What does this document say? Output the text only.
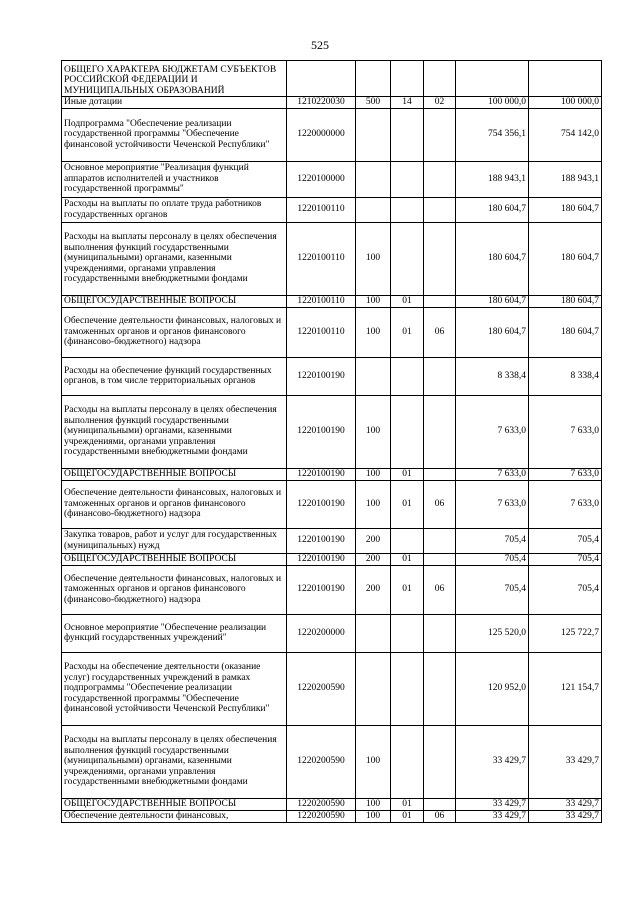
525
ОБЩЕГО ХАРАКТЕРА БЮДЖЕТАМ СУБЪЕКТОВ РОССИЙСКОЙ ФЕДЕРАЦИИ И МУНИЦИПАЛЬНЫХ ОБРАЗОВАНИЙ						
Иные дотации	1210220030	500	14	02	100 000,0	100 000,0
Подпрограмма "Обеспечение реализации государственной программы "Обеспечение финансовой устойчивости Чеченской Республики"	1220000000				754 356,1	754 142,0
Основное мероприятие "Реализация функций аппаратов исполнителей и участников государственной программы"	1220100000				188 943,1	188 943,1
Расходы на выплаты по оплате труда работников государственных органов	1220100110				180 604,7	180 604,7
Расходы на выплаты персоналу в целях обеспечения выполнения функций государственными (муниципальными) органами, казенными учреждениями, органами управления государственными внебюджетными фондами	1220100110	100			180 604,7	180 604,7
ОБЩЕГОСУДАРСТВЕННЫЕ ВОПРОСЫ	1220100110	100	01		180 604,7	180 604,7
Обеспечение деятельности финансовых, налоговых и таможенных органов и органов финансового (финансово-бюджетного) надзора	1220100110	100	01	06	180 604,7	180 604,7
Расходы на обеспечение функций государственных органов, в том числе территориальных органов	1220100190				8 338,4	8 338,4
Расходы на выплаты персоналу в целях обеспечения выполнения функций государственными (муниципальными) органами, казенными учреждениями, органами управления государственными внебюджетными фондами	1220100190	100			7 633,0	7 633,0
ОБЩЕГОСУДАРСТВЕННЫЕ ВОПРОСЫ	1220100190	100	01		7 633,0	7 633,0
Обеспечение деятельности финансовых, налоговых и таможенных органов и органов финансового (финансово-бюджетного) надзора	1220100190	100	01	06	7 633,0	7 633,0
Закупка товаров, работ и услуг для государственных (муниципальных) нужд	1220100190	200			705,4	705,4
ОБЩЕГОСУДАРСТВЕННЫЕ ВОПРОСЫ	1220100190	200	01		705,4	705,4
Обеспечение деятельности финансовых, налоговых и таможенных органов и органов финансового (финансово-бюджетного) надзора	1220100190	200	01	06	705,4	705,4
Основное мероприятие "Обеспечение реализации функций государственных учреждений"	1220200000				125 520,0	125 722,7
Расходы на обеспечение деятельности (оказание услуг) государственных учреждений в рамках подпрограммы "Обеспечение реализации государственной программы "Обеспечение финансовой устойчивости Чеченской Республики"	1220200590				120 952,0	121 154,7
Расходы на выплаты персоналу в целях обеспечения выполнения функций государственными (муниципальными) органами, казенными учреждениями, органами управления государственными внебюджетными фондами	1220200590	100			33 429,7	33 429,7
ОБЩЕГОСУДАРСТВЕННЫЕ ВОПРОСЫ	1220200590	100	01		33 429,7	33 429,7
Обеспечение деятельности финансовых,	1220200590	100	01	06	33 429,7	33 429,7
